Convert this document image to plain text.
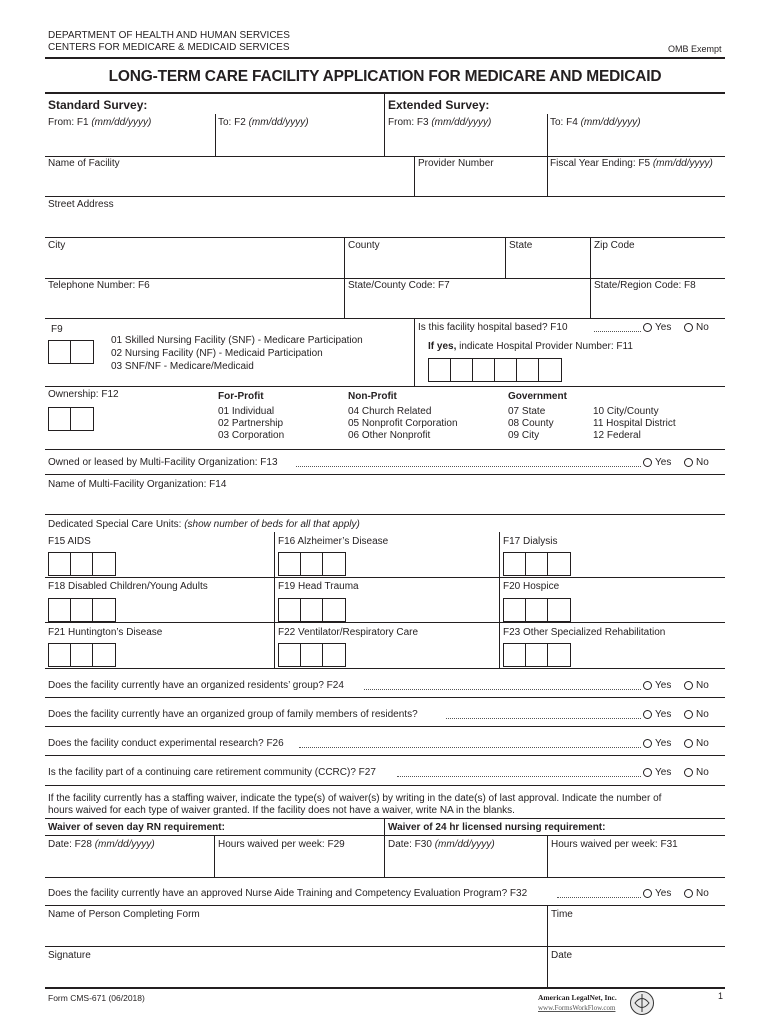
DEPARTMENT OF HEALTH AND HUMAN SERVICES
CENTERS FOR MEDICARE & MEDICAID SERVICES	OMB Exempt
LONG-TERM CARE FACILITY APPLICATION FOR MEDICARE AND MEDICAID
Standard Survey:	Extended Survey:
From: F1 (mm/dd/yyyy)	To: F2 (mm/dd/yyyy)	From: F3 (mm/dd/yyyy)	To: F4 (mm/dd/yyyy)
Name of Facility	Provider Number	Fiscal Year Ending: F5 (mm/dd/yyyy)
Street Address
City	County	State	Zip Code
Telephone Number: F6	State/County Code: F7	State/Region Code: F8
F9
01 Skilled Nursing Facility (SNF) - Medicare Participation
02 Nursing Facility (NF) - Medicaid Participation
03 SNF/NF - Medicare/Medicaid
Is this facility hospital based? F10	Yes No
If yes, indicate Hospital Provider Number: F11
Ownership: F12	For-Profit
01 Individual
02 Partnership
03 Corporation
Non-Profit
04 Church Related
05 Nonprofit Corporation
06 Other Nonprofit
Government
07 State
08 County
09 City
10 City/County
11 Hospital District
12 Federal
Owned or leased by Multi-Facility Organization: F13	Yes No
Name of Multi-Facility Organization: F14
Dedicated Special Care Units: (show number of beds for all that apply)
F15 AIDS	F16 Alzheimer’s Disease	F17 Dialysis
F18 Disabled Children/Young Adults	F19 Head Trauma	F20 Hospice
F21 Huntington’s Disease	F22 Ventilator/Respiratory Care	F23 Other Specialized Rehabilitation
Does the facility currently have an organized residents’ group? F24	Yes No
Does the facility currently have an organized group of family members of residents?	Yes No
Does the facility conduct experimental research? F26	Yes No
Is the facility part of a continuing care retirement community (CCRC)? F27	Yes No
If the facility currently has a staffing waiver, indicate the type(s) of waiver(s) by writing in the date(s) of last approval. Indicate the number of
hours waived for each type of waiver granted. If the facility does not have a waiver, write NA in the blanks.
Waiver of seven day RN requirement:	Waiver of 24 hr licensed nursing requirement:
Date: F28 (mm/dd/yyyy)	Hours waived per week: F29	Date: F30 (mm/dd/yyyy)	Hours waived per week: F31
Does the facility currently have an approved Nurse Aide Training and Competency Evaluation Program? F32	Yes No
Name of Person Completing Form	Time
Signature	Date
Form CMS-671 (06/2018)	1
American LegalNet, Inc.
www.FormsWorkFlow.com
